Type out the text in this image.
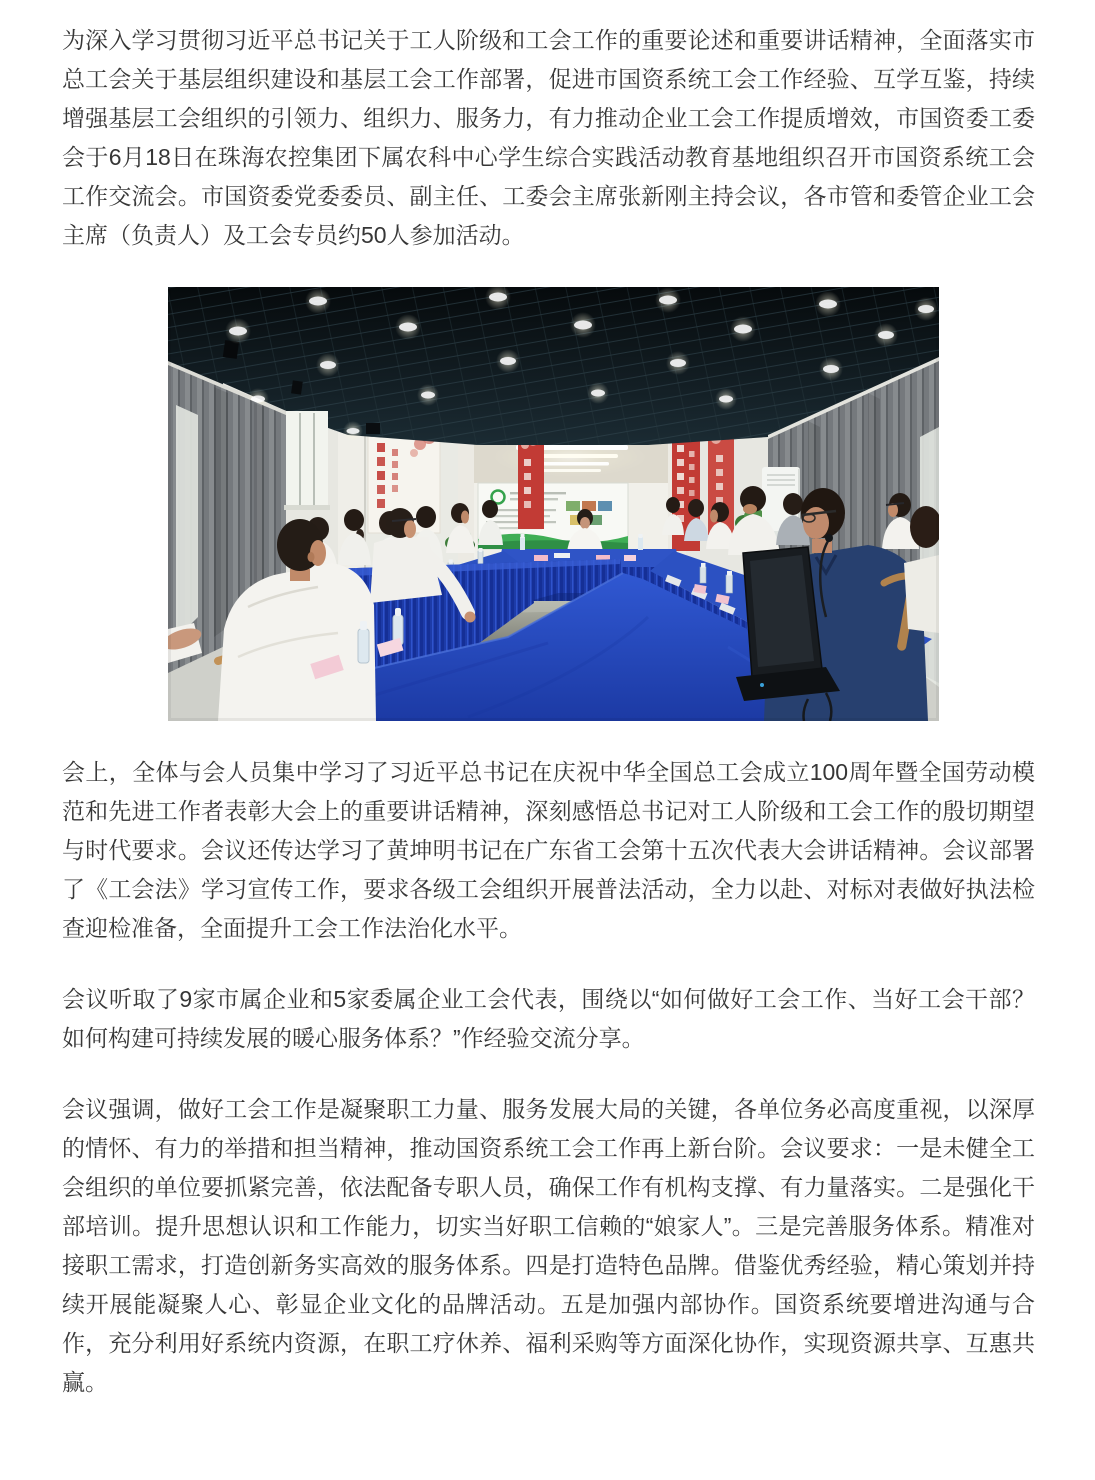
为深入学习贯彻习近平总书记关于工人阶级和工会工作的重要论述和重要讲话精神，全面落实市总工会关于基层组织建设和基层工会工作部署，促进市国资系统工会工作经验、互学互鉴，持续增强基层工会组织的引领力、组织力、服务力，有力推动企业工会工作提质增效，市国资委工委会于6月18日在珠海农控集团下属农科中心学生综合实践活动教育基地组织召开市国资系统工会工作交流会。市国资委党委委员、副主任、工委会主席张新刚主持会议，各市管和委管企业工会主席（负责人）及工会专员约50人参加活动。

会上，全体与会人员集中学习了习近平总书记在庆祝中华全国总工会成立100周年暨全国劳动模范和先进工作者表彰大会上的重要讲话精神，深刻感悟总书记对工人阶级和工会工作的殷切期望与时代要求。会议还传达学习了黄坤明书记在广东省工会第十五次代表大会讲话精神。会议部署了《工会法》学习宣传工作，要求各级工会组织开展普法活动，全力以赴、对标对表做好执法检查迎检准备，全面提升工会工作法治化水平。

会议听取了9家市属企业和5家委属企业工会代表，围绕以“如何做好工会工作、当好工会干部？如何构建可持续发展的暖心服务体系？”作经验交流分享。

会议强调，做好工会工作是凝聚职工力量、服务发展大局的关键，各单位务必高度重视，以深厚的情怀、有力的举措和担当精神，推动国资系统工会工作再上新台阶。会议要求：一是未健全工会组织的单位要抓紧完善，依法配备专职人员，确保工作有机构支撑、有力量落实。二是强化干部培训。提升思想认识和工作能力，切实当好职工信赖的“娘家人”。三是完善服务体系。精准对接职工需求，打造创新务实高效的服务体系。四是打造特色品牌。借鉴优秀经验，精心策划并持续开展能凝聚人心、彰显企业文化的品牌活动。五是加强内部协作。国资系统要增进沟通与合作，充分利用好系统内资源，在职工疗休养、福利采购等方面深化协作，实现资源共享、互惠共赢。
